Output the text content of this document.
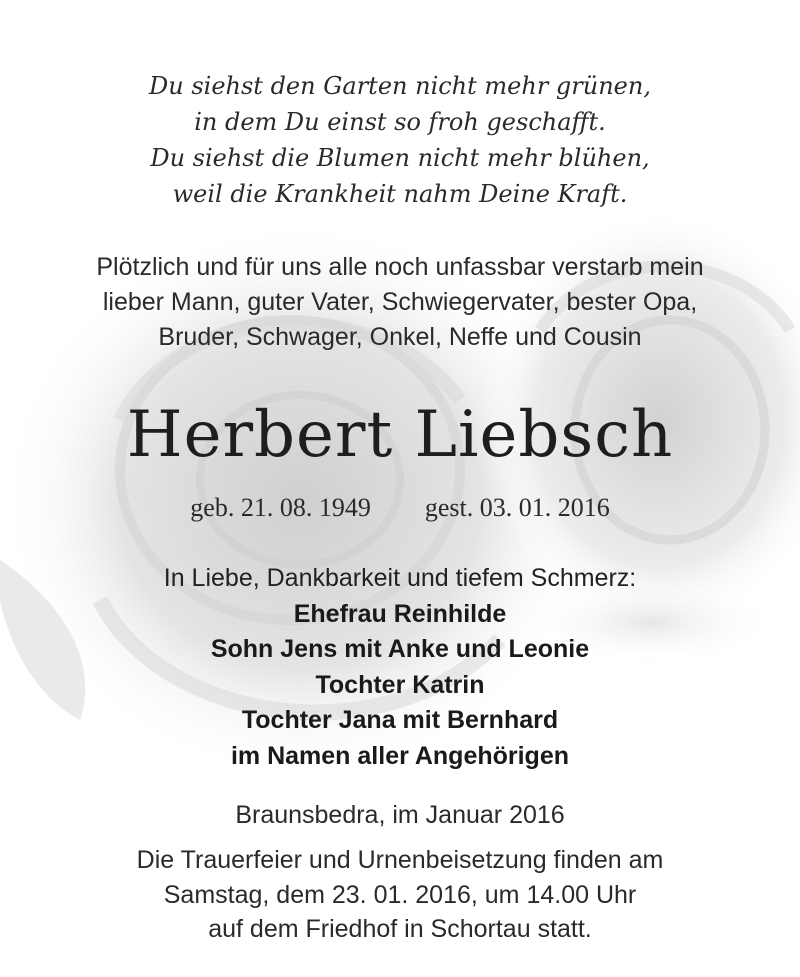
Du siehst den Garten nicht mehr grünen,
in dem Du einst so froh geschafft.
Du siehst die Blumen nicht mehr blühen,
weil die Krankheit nahm Deine Kraft.
Plötzlich und für uns alle noch unfassbar verstarb mein
lieber Mann, guter Vater, Schwiegervater, bester Opa,
Bruder, Schwager, Onkel, Neffe und Cousin
Herbert Liebsch
geb. 21. 08. 1949 gest. 03. 01. 2016
In Liebe, Dankbarkeit und tiefem Schmerz:
Ehefrau Reinhilde
Sohn Jens mit Anke und Leonie
Tochter Katrin
Tochter Jana mit Bernhard
im Namen aller Angehörigen
Braunsbedra, im Januar 2016
Die Trauerfeier und Urnenbeisetzung finden am
Samstag, dem 23. 01. 2016, um 14.00 Uhr
auf dem Friedhof in Schortau statt.
